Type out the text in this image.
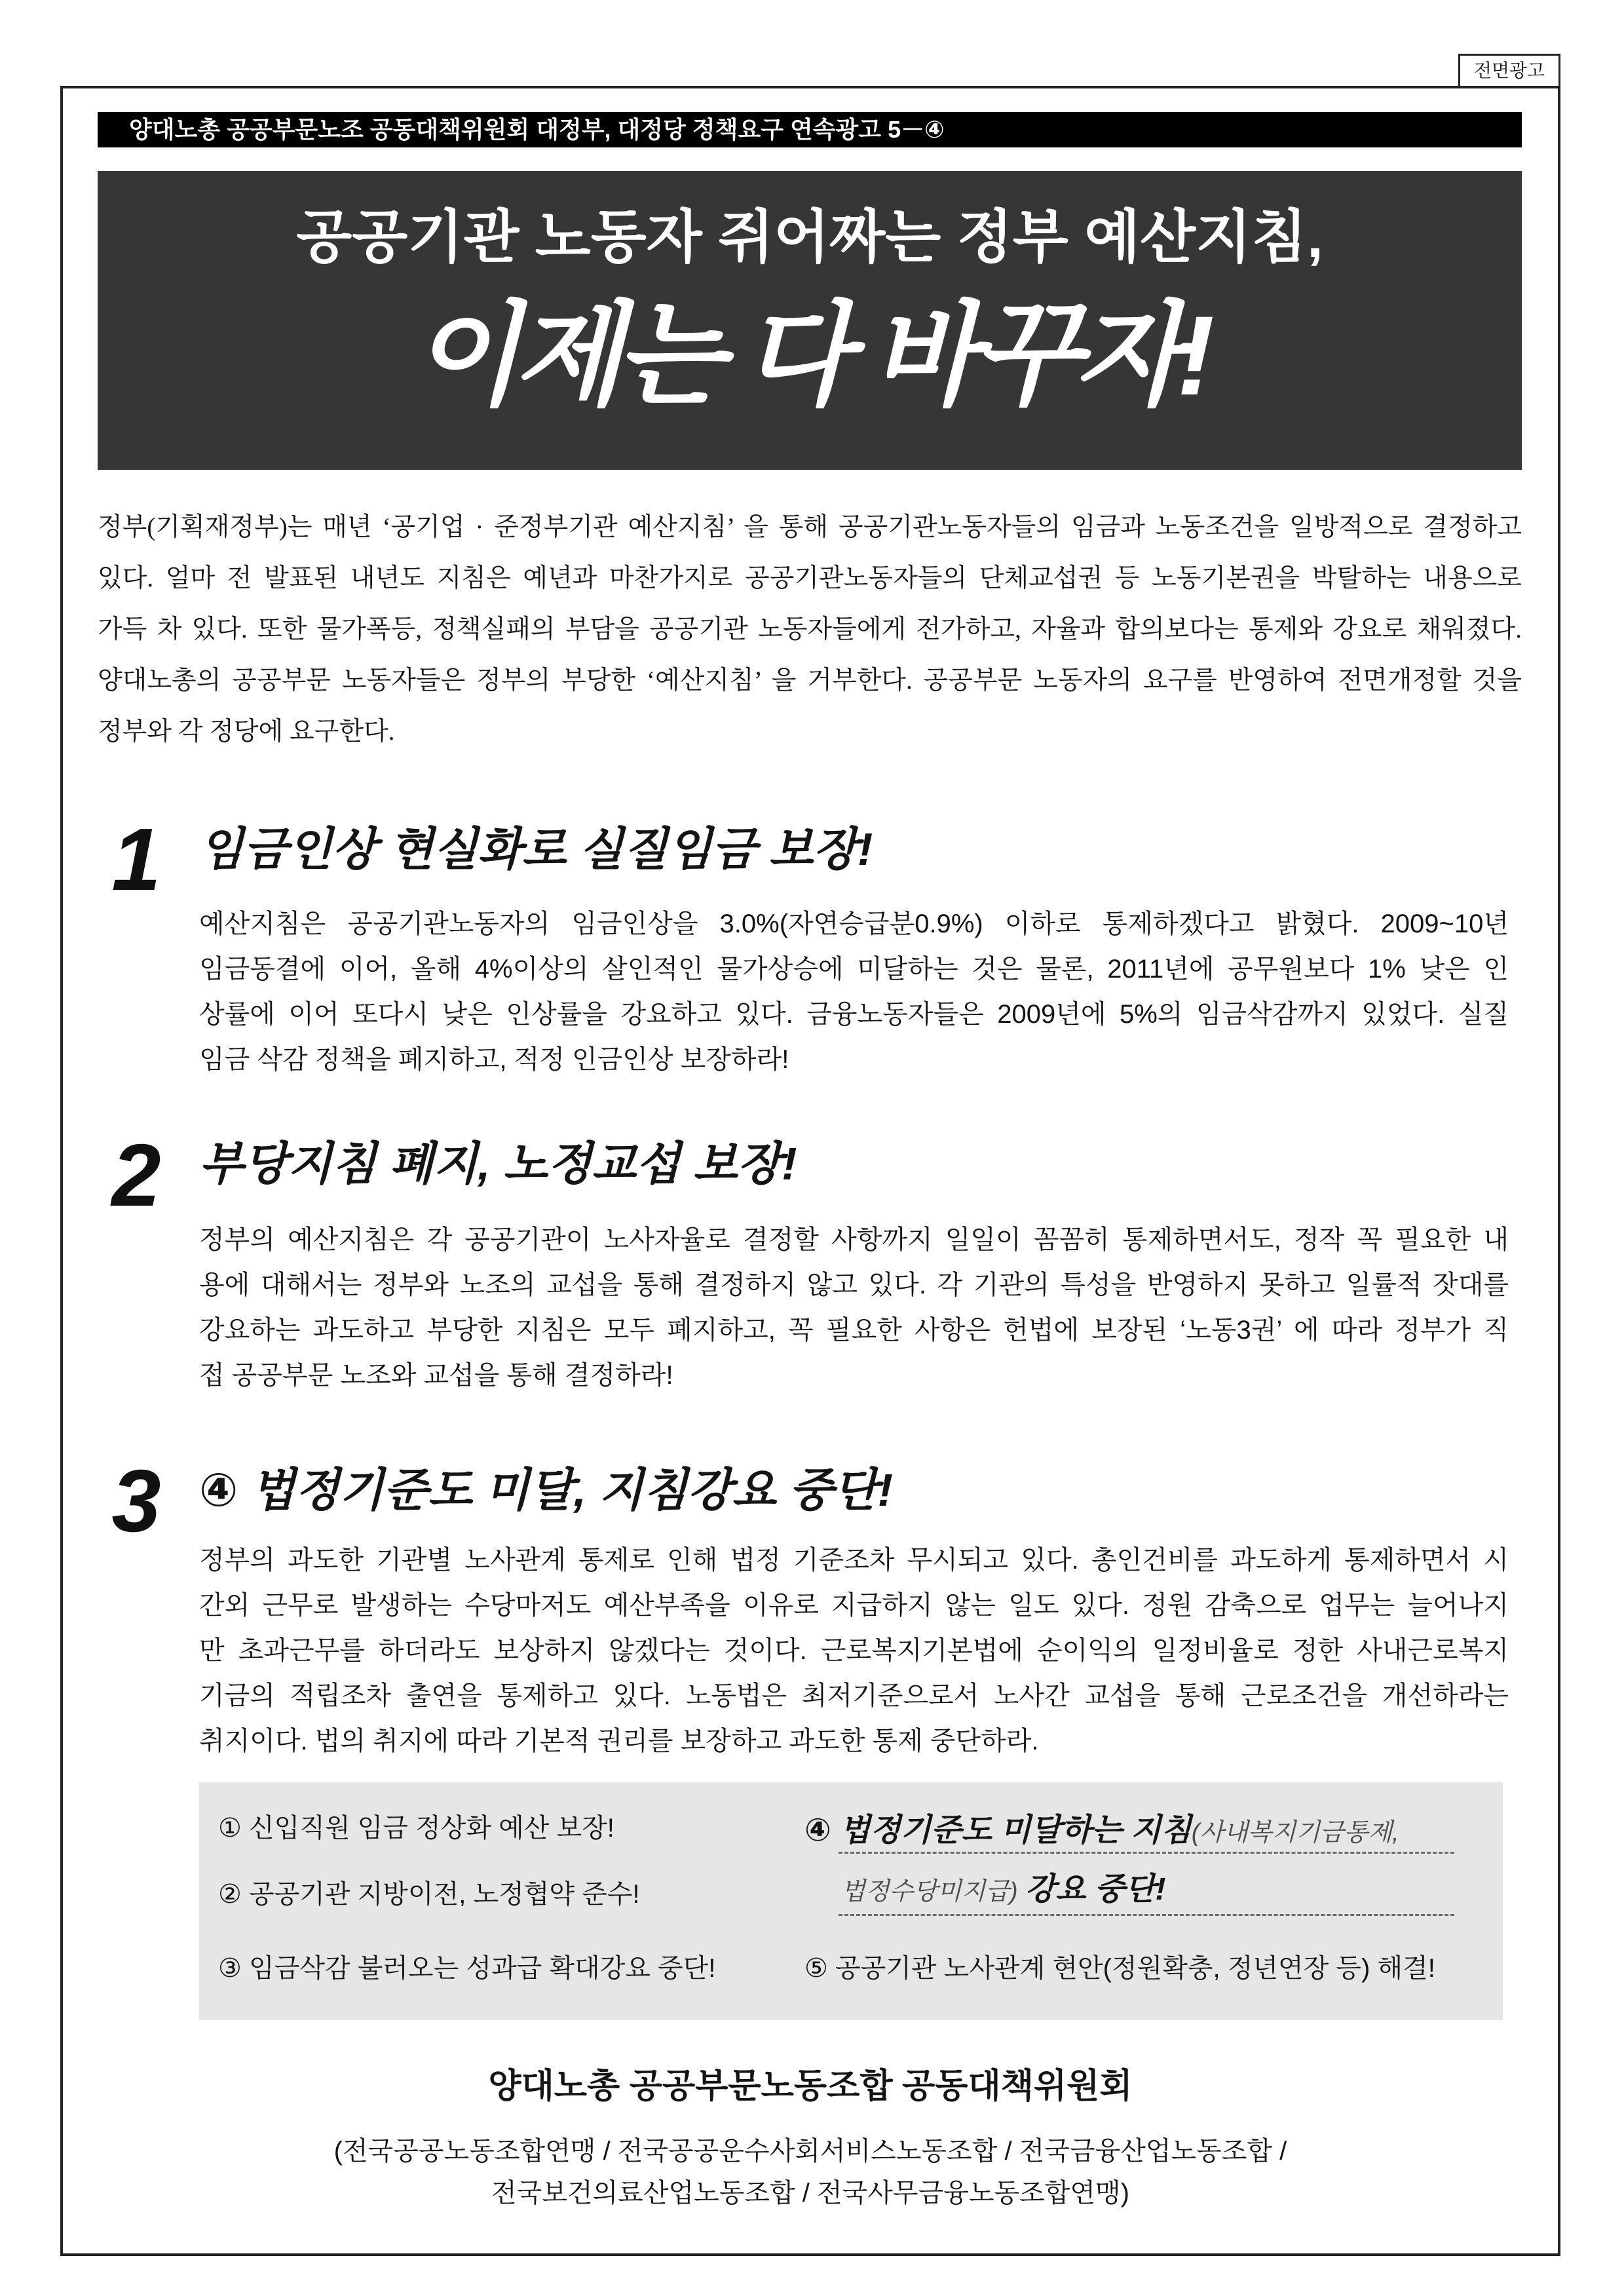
전면광고
양대노총 공공부문노조 공동대책위원회 대정부, 대정당 정책요구 연속광고 5－④
공공기관 노동자 쥐어짜는 정부 예산지침,
이제는 다 바꾸자!
정부(기획재정부)는 매년 ‘공기업 · 준정부기관 예산지침’ 을 통해 공공기관노동자들의 임금과 노동조건을 일방적으로 결정하고
있다. 얼마 전 발표된 내년도 지침은 예년과 마찬가지로 공공기관노동자들의 단체교섭권 등 노동기본권을 박탈하는 내용으로
가득 차 있다. 또한 물가폭등, 정책실패의 부담을 공공기관 노동자들에게 전가하고, 자율과 합의보다는 통제와 강요로 채워졌다.
양대노총의 공공부문 노동자들은 정부의 부당한 ‘예산지침’ 을 거부한다. 공공부문 노동자의 요구를 반영하여 전면개정할 것을
정부와 각 정당에 요구한다.
1 임금인상 현실화로 실질임금 보장!
예산지침은 공공기관노동자의 임금인상을 3.0%(자연승급분0.9%) 이하로 통제하겠다고 밝혔다. 2009~10년
임금동결에 이어, 올해 4%이상의 살인적인 물가상승에 미달하는 것은 물론, 2011년에 공무원보다 1% 낮은 인
상률에 이어 또다시 낮은 인상률을 강요하고 있다. 금융노동자들은 2009년에 5%의 임금삭감까지 있었다. 실질
임금 삭감 정책을 폐지하고, 적정 인금인상 보장하라!
2 부당지침 폐지, 노정교섭 보장!
정부의 예산지침은 각 공공기관이 노사자율로 결정할 사항까지 일일이 꼼꼼히 통제하면서도, 정작 꼭 필요한 내
용에 대해서는 정부와 노조의 교섭을 통해 결정하지 않고 있다. 각 기관의 특성을 반영하지 못하고 일률적 잣대를
강요하는 과도하고 부당한 지침은 모두 폐지하고, 꼭 필요한 사항은 헌법에 보장된 ‘노동3권’ 에 따라 정부가 직
접 공공부문 노조와 교섭을 통해 결정하라!
3 ④ 법정기준도 미달, 지침강요 중단!
정부의 과도한 기관별 노사관계 통제로 인해 법정 기준조차 무시되고 있다. 총인건비를 과도하게 통제하면서 시
간외 근무로 발생하는 수당마저도 예산부족을 이유로 지급하지 않는 일도 있다. 정원 감축으로 업무는 늘어나지
만 초과근무를 하더라도 보상하지 않겠다는 것이다. 근로복지기본법에 순이익의 일정비율로 정한 사내근로복지
기금의 적립조차 출연을 통제하고 있다. 노동법은 최저기준으로서 노사간 교섭을 통해 근로조건을 개선하라는
취지이다. 법의 취지에 따라 기본적 권리를 보장하고 과도한 통제 중단하라.
① 신입직원 임금 정상화 예산 보장!
② 공공기관 지방이전, 노정협약 준수!
③ 임금삭감 불러오는 성과급 확대강요 중단!
④ 법정기준도 미달하는 지침(사내복지기금통제,
법정수당미지급) 강요 중단!
⑤ 공공기관 노사관계 현안(정원확충, 정년연장 등) 해결!
양대노총 공공부문노동조합 공동대책위원회
(전국공공노동조합연맹 / 전국공공운수사회서비스노동조합 / 전국금융산업노동조합 /
전국보건의료산업노동조합 / 전국사무금융노동조합연맹)
